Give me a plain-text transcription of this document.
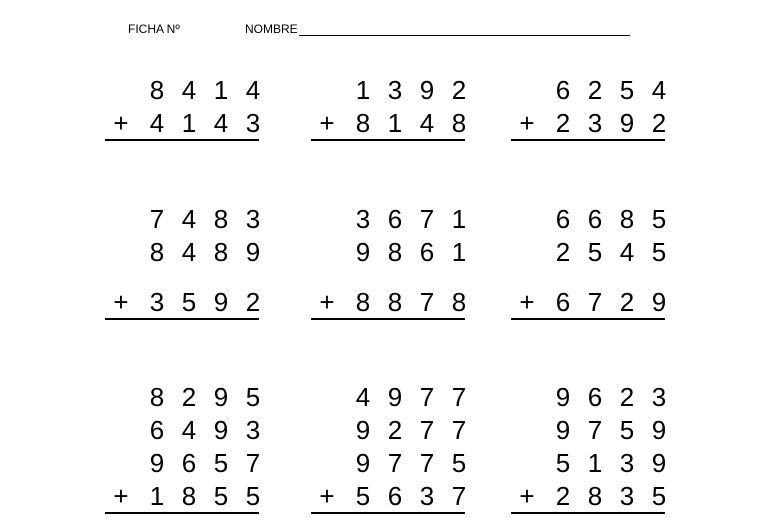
FICHA Nº	NOMBRE
8 4 1 4
+ 4 1 4 3
1 3 9 2
+ 8 1 4 8
6 2 5 4
+ 2 3 9 2
7 4 8 3
8 4 8 9
+ 3 5 9 2
3 6 7 1
9 8 6 1
+ 8 8 7 8
6 6 8 5
2 5 4 5
+ 6 7 2 9
8 2 9 5
6 4 9 3
9 6 5 7
+ 1 8 5 5
4 9 7 7
9 2 7 7
9 7 7 5
+ 5 6 3 7
9 6 2 3
9 7 5 9
5 1 3 9
+ 2 8 3 5
